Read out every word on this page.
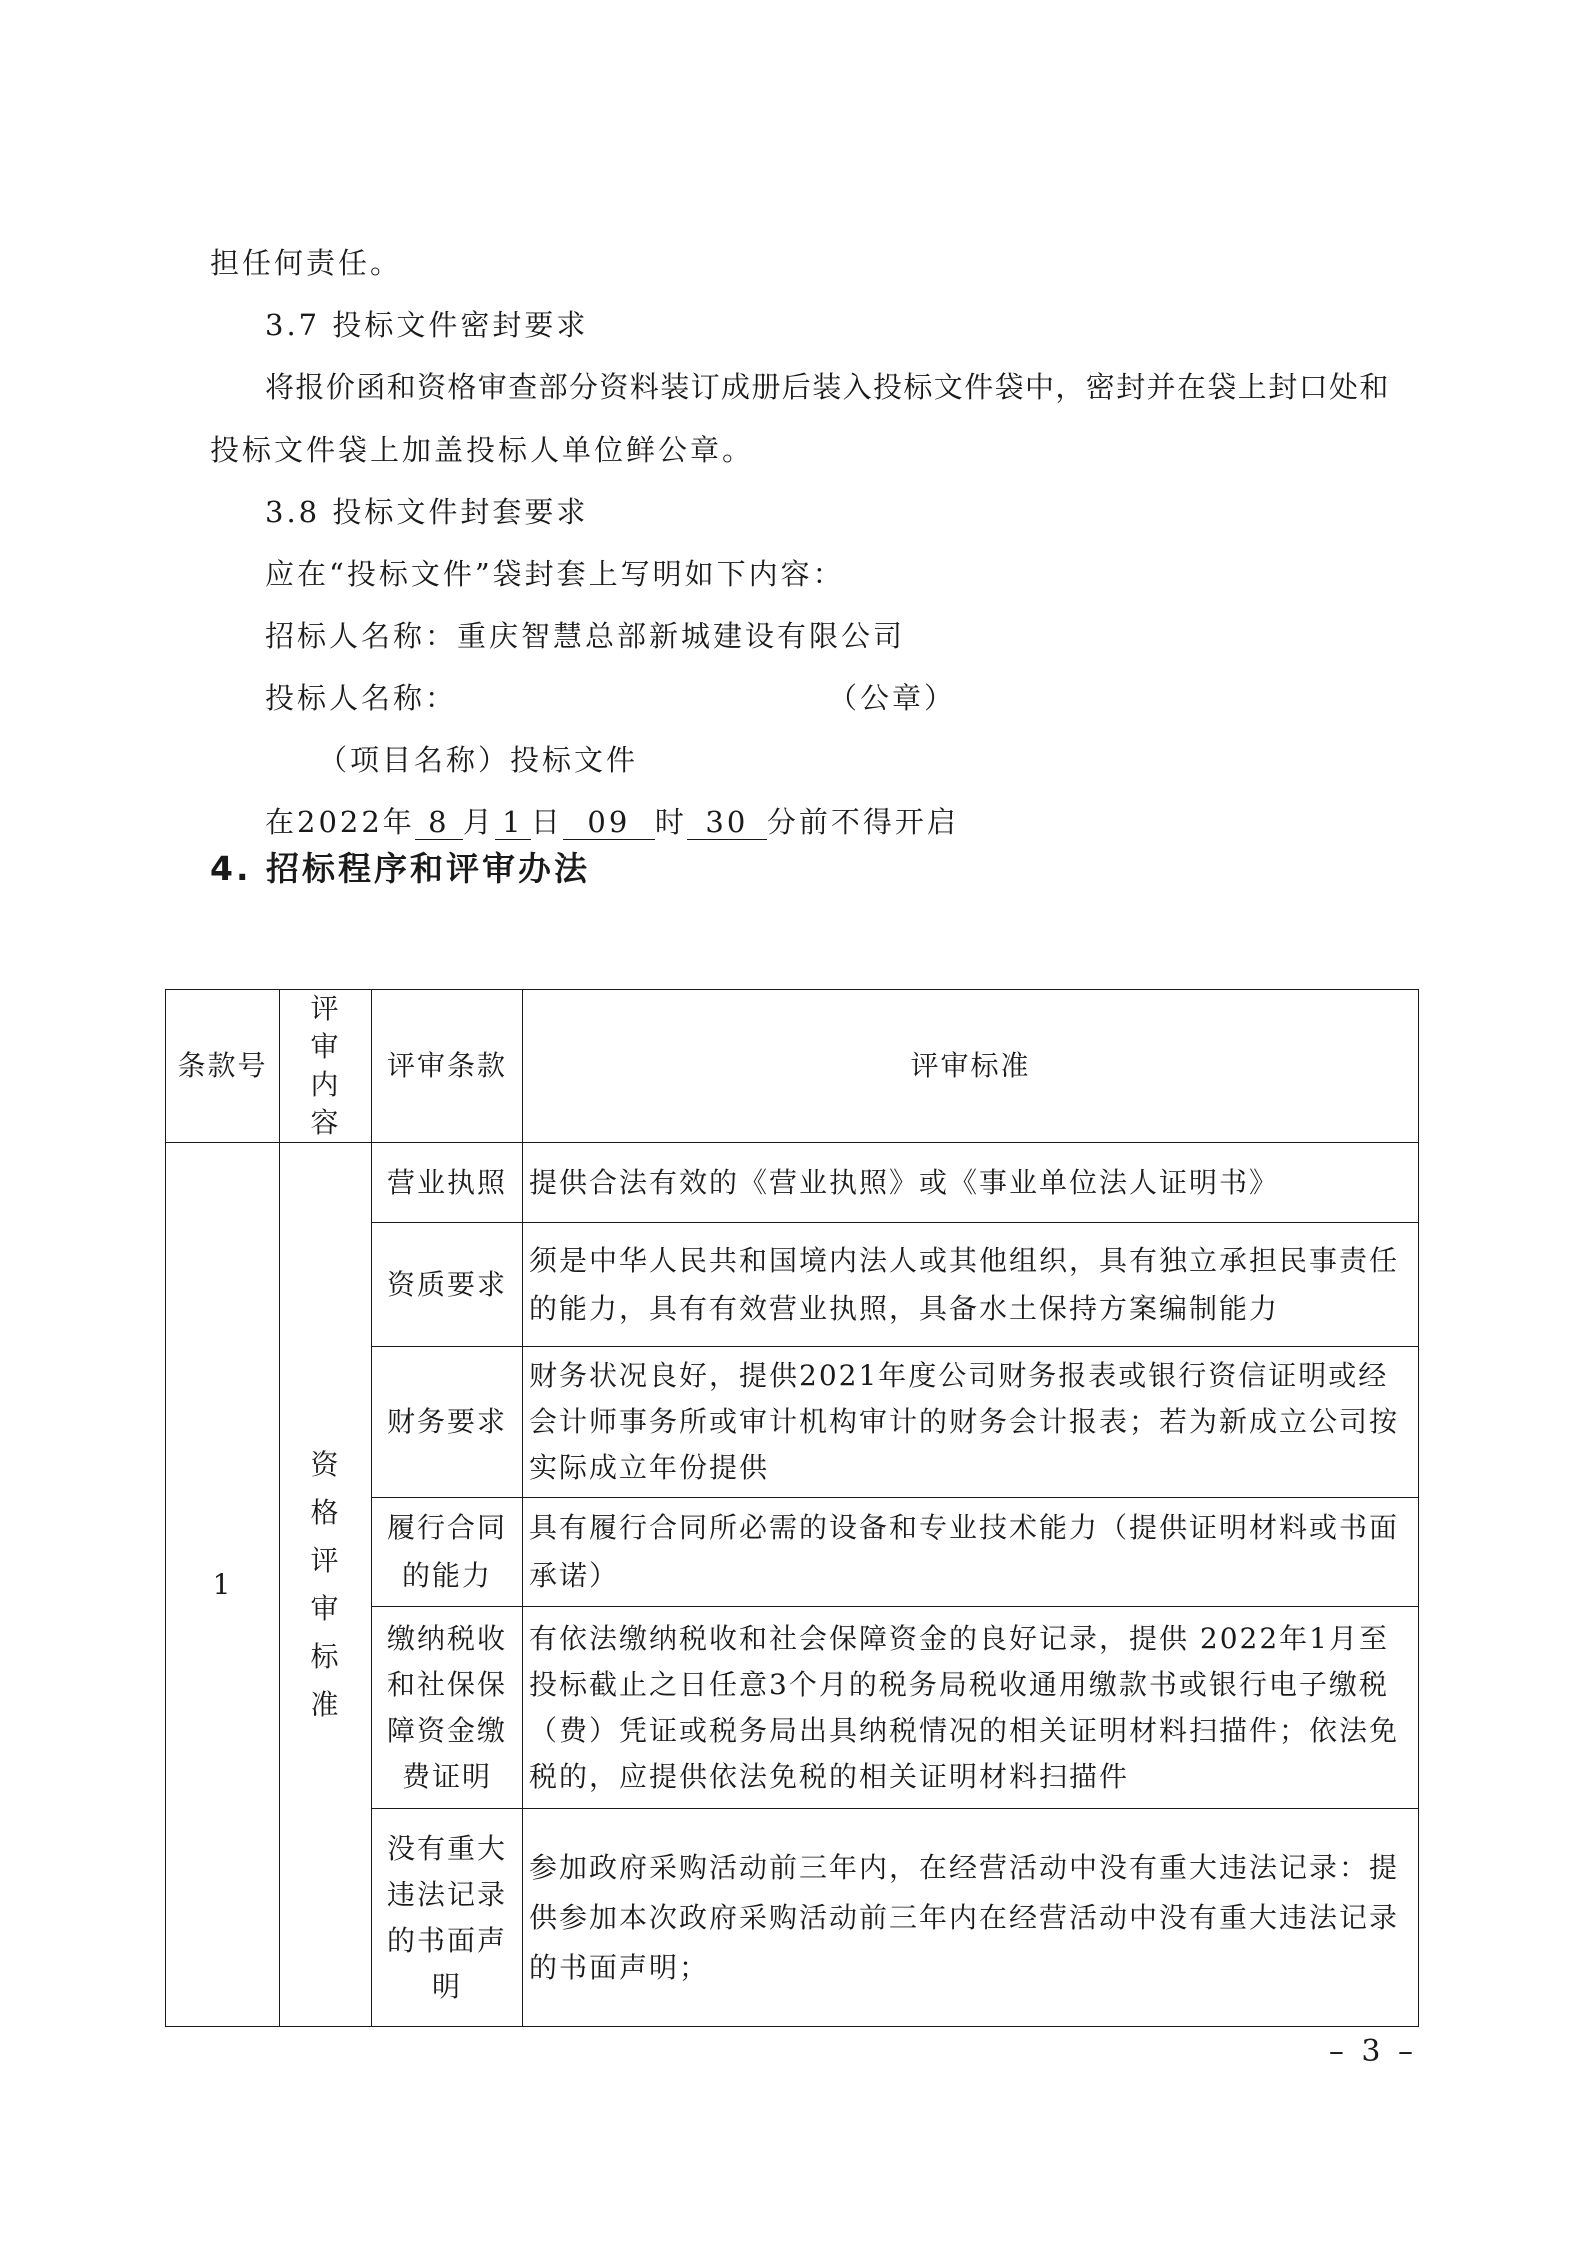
担任何责任。
3.7 投标文件密封要求
将报价函和资格审查部分资料装订成册后装入投标文件袋中，密封并在袋上封口处和
投标文件袋上加盖投标人单位鲜公章。
3.8 投标文件封套要求
应在“投标文件”袋封套上写明如下内容：
招标人名称：重庆智慧总部新城建设有限公司
投标人名称：	（公章）
（项目名称）投标文件
在2022年 8 月 1 日 09 时 30 分前不得开启
4. 招标程序和评审办法
条款号	评审内容	评审条款	评审标准
1	资格评审标准	营业执照	提供合法有效的《营业执照》或《事业单位法人证明书》
		资质要求	须是中华人民共和国境内法人或其他组织，具有独立承担民事责任的能力，具有有效营业执照，具备水土保持方案编制能力
		财务要求	财务状况良好，提供2021年度公司财务报表或银行资信证明或经会计师事务所或审计机构审计的财务会计报表；若为新成立公司按实际成立年份提供
		履行合同的能力	具有履行合同所必需的设备和专业技术能力（提供证明材料或书面承诺）
		缴纳税收和社保保障资金缴费证明	有依法缴纳税收和社会保障资金的良好记录，提供 2022年1月至投标截止之日任意3个月的税务局税收通用缴款书或银行电子缴税（费）凭证或税务局出具纳税情况的相关证明材料扫描件；依法免税的，应提供依法免税的相关证明材料扫描件
		没有重大违法记录的书面声明	参加政府采购活动前三年内，在经营活动中没有重大违法记录：提供参加本次政府采购活动前三年内在经营活动中没有重大违法记录的书面声明；
– 3 –
